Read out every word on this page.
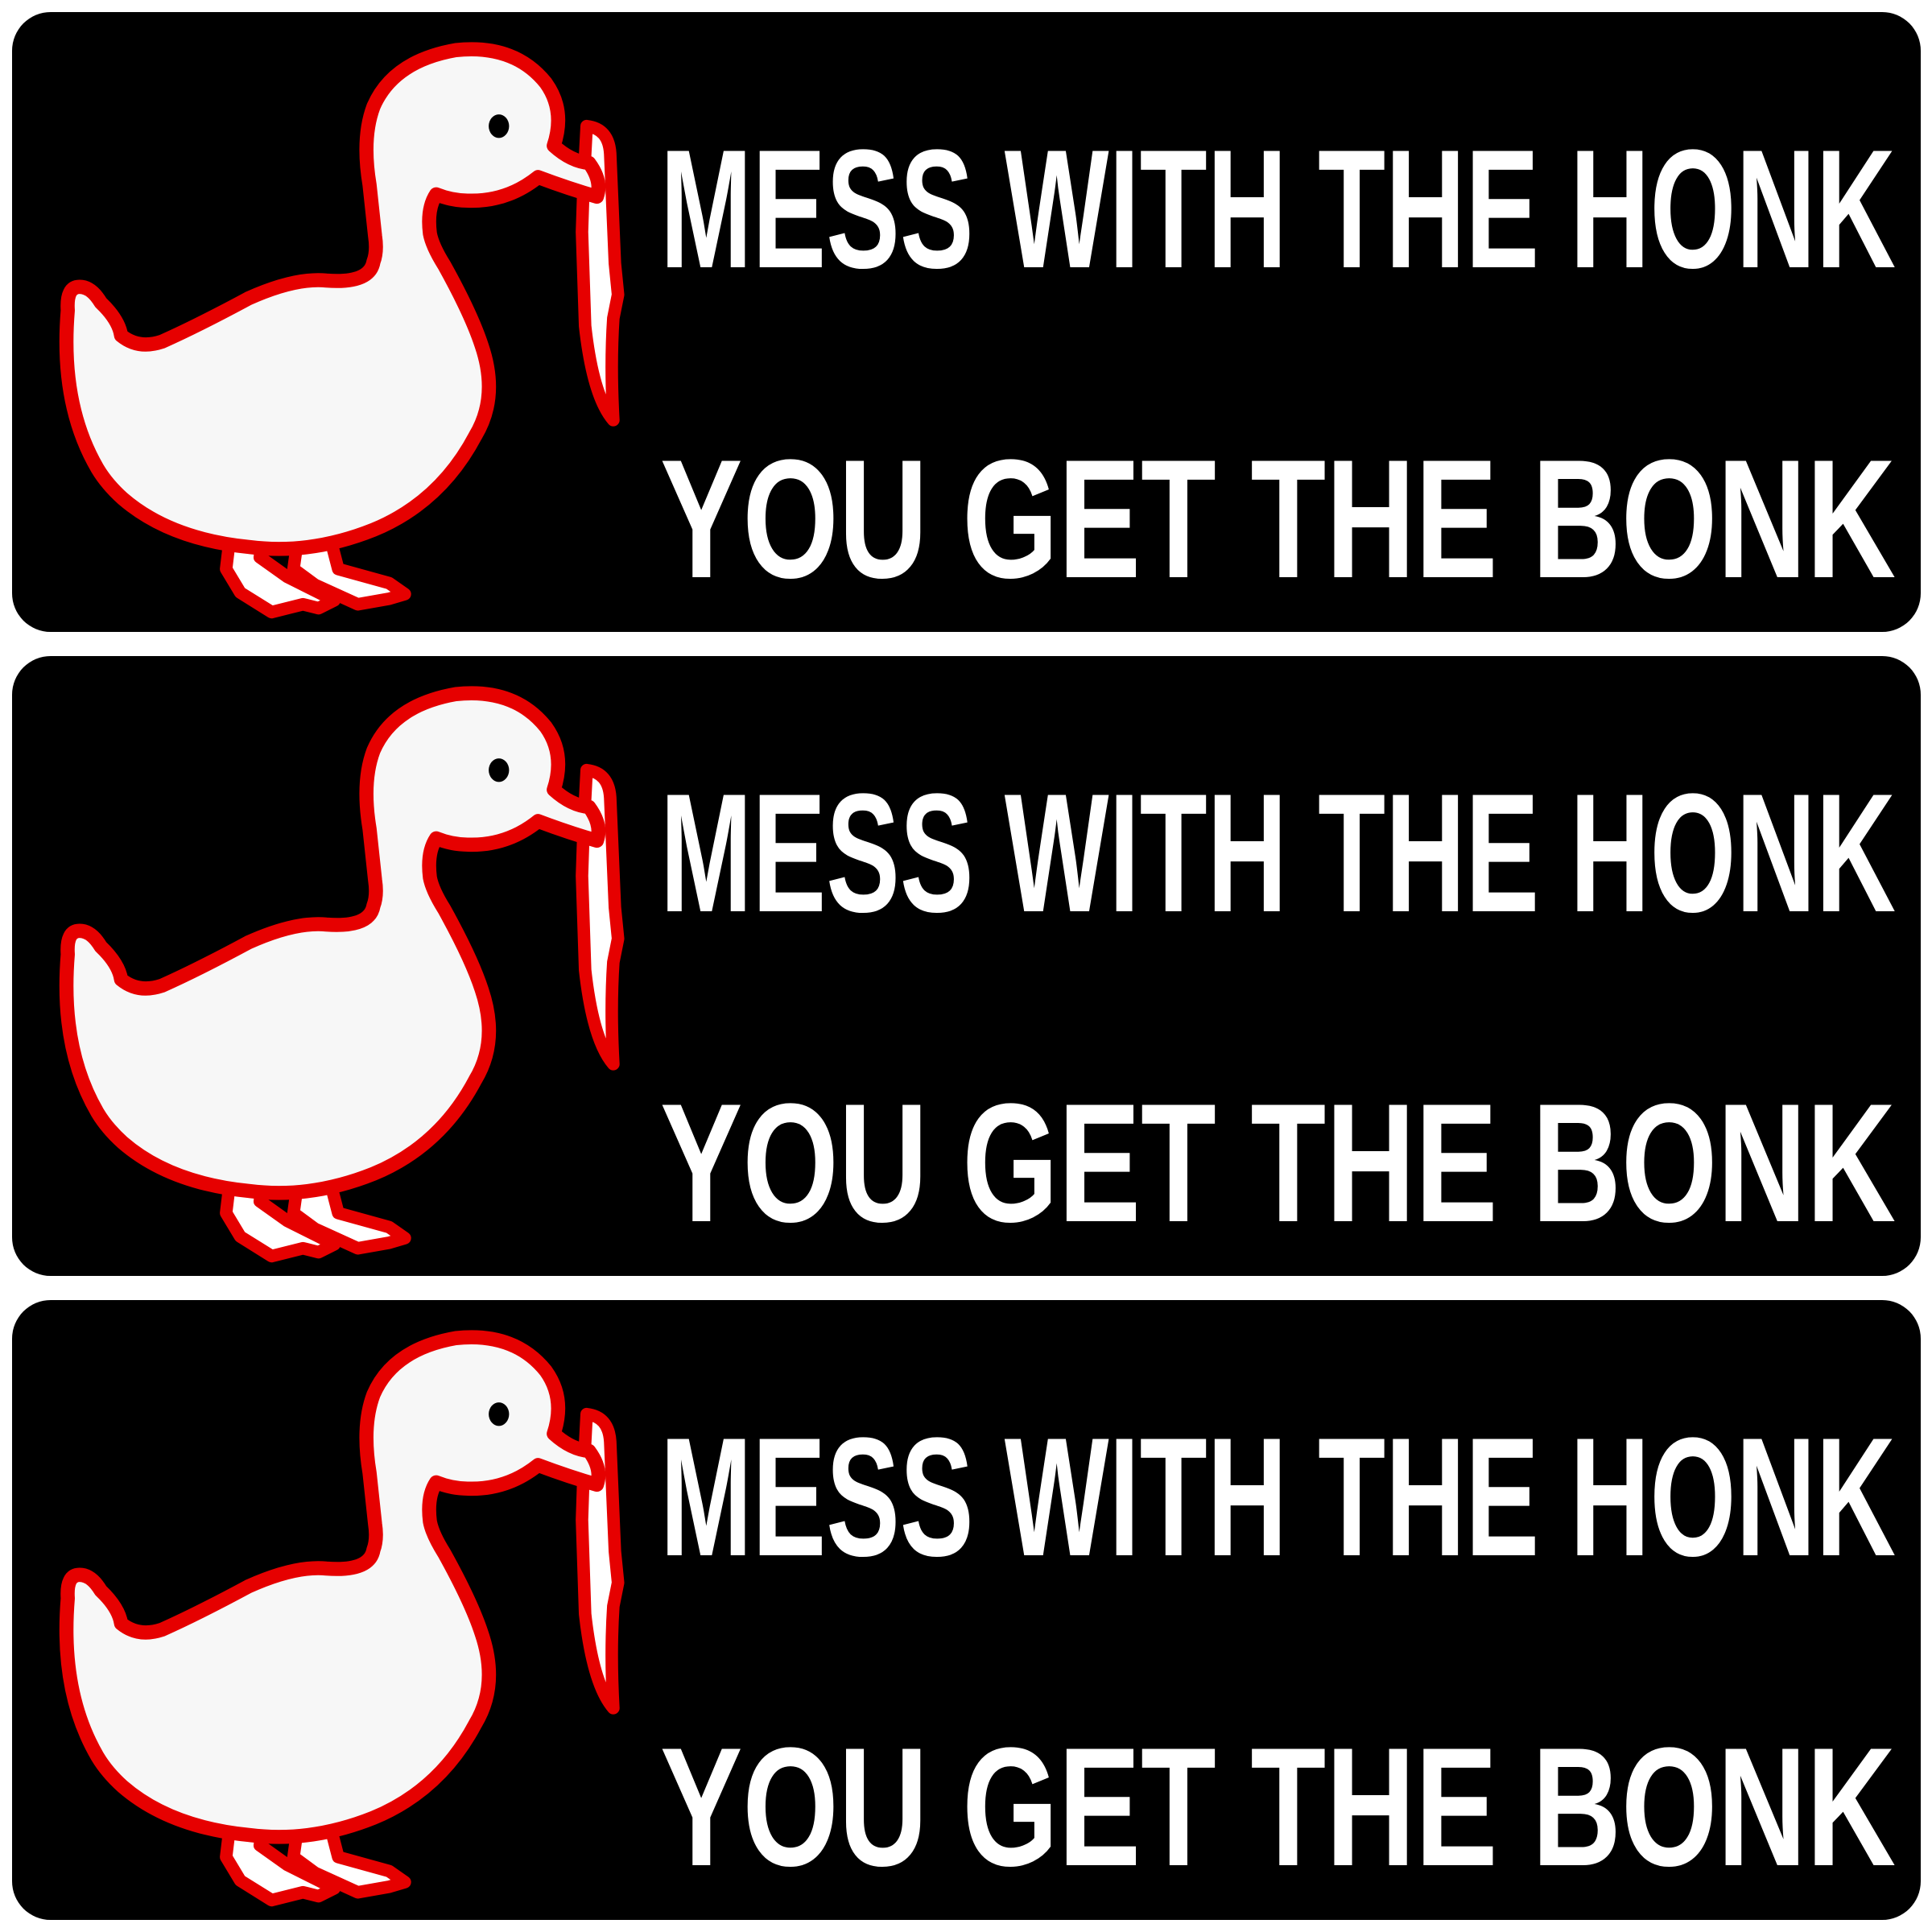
MESS WITH THE HONK
YOU GET THE BONK
MESS WITH THE HONK
YOU GET THE BONK
MESS WITH THE HONK
YOU GET THE BONK
